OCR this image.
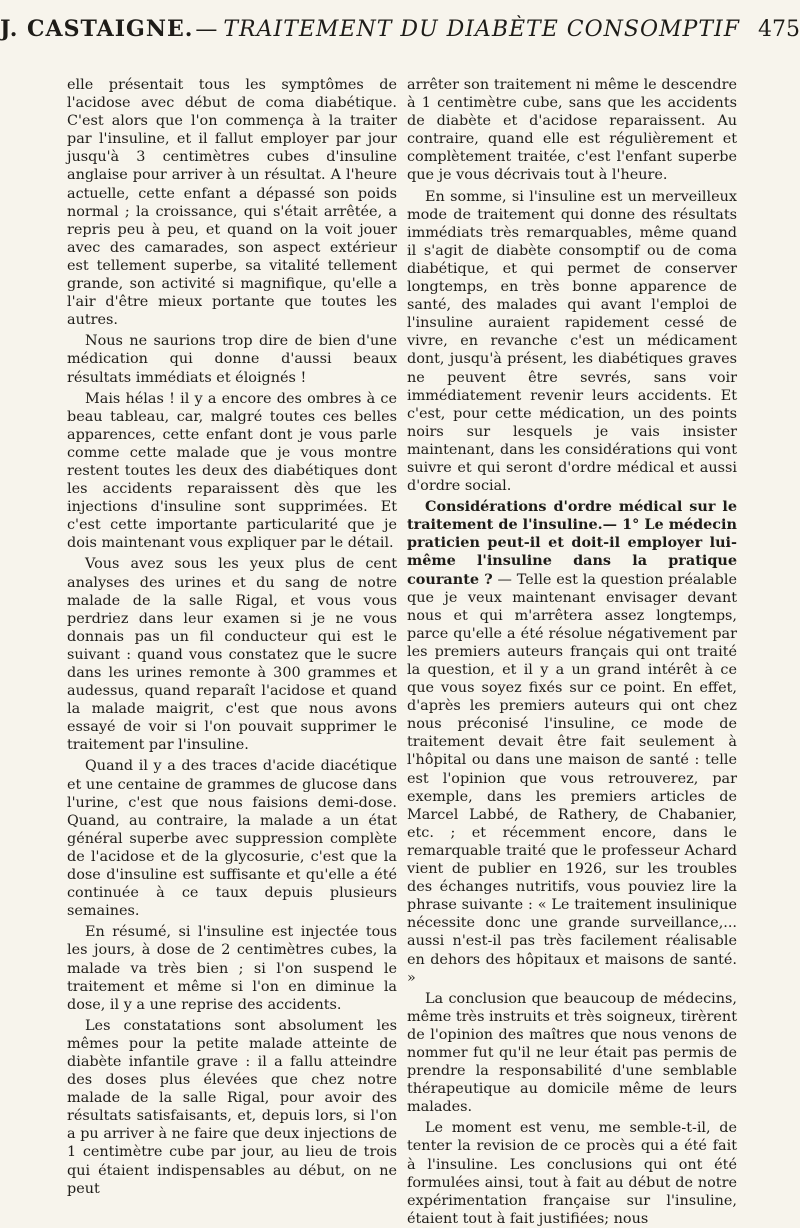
J. CASTAIGNE. — TRAITEMENT DU DIABÈTE CONSOMPTIF 475

elle présentait tous les symptômes de l'acidose avec début de coma diabétique. C'est alors que l'on commença à la traiter par l'insuline, et il fallut employer par jour jusqu'à 3 centimètres cubes d'insuline anglaise pour arriver à un résultat. A l'heure actuelle, cette enfant a dépassé son poids normal ; la croissance, qui s'était arrêtée, a repris peu à peu, et quand on la voit jouer avec des camarades, son aspect extérieur est tellement superbe, sa vitalité tellement grande, son activité si magnifique, qu'elle a l'air d'être mieux portante que toutes les autres.

Nous ne saurions trop dire de bien d'une médication qui donne d'aussi beaux résultats immédiats et éloignés !

Mais hélas ! il y a encore des ombres à ce beau tableau, car, malgré toutes ces belles apparences, cette enfant dont je vous parle comme cette malade que je vous montre restent toutes les deux des diabétiques dont les accidents reparaissent dès que les injections d'insuline sont supprimées. Et c'est cette importante particularité que je dois maintenant vous expliquer par le détail.

Vous avez sous les yeux plus de cent analyses des urines et du sang de notre malade de la salle Rigal, et vous vous perdriez dans leur examen si je ne vous donnais pas un fil conducteur qui est le suivant : quand vous constatez que le sucre dans les urines remonte à 300 grammes et audessus, quand reparaît l'acidose et quand la malade maigrit, c'est que nous avons essayé de voir si l'on pouvait supprimer le traitement par l'insuline.

Quand il y a des traces d'acide diacétique et une centaine de grammes de glucose dans l'urine, c'est que nous faisions demi-dose. Quand, au contraire, la malade a un état général superbe avec suppression complète de l'acidose et de la glycosurie, c'est que la dose d'insuline est suffisante et qu'elle a été continuée à ce taux depuis plusieurs semaines.

En résumé, si l'insuline est injectée tous les jours, à dose de 2 centimètres cubes, la malade va très bien ; si l'on suspend le traitement et même si l'on en diminue la dose, il y a une reprise des accidents.

Les constatations sont absolument les mêmes pour la petite malade atteinte de diabète infantile grave : il a fallu atteindre des doses plus élevées que chez notre malade de la salle Rigal, pour avoir des résultats satisfaisants, et, depuis lors, si l'on a pu arriver à ne faire que deux injections de 1 centimètre cube par jour, au lieu de trois qui étaient indispensables au début, on ne peut

arrêter son traitement ni même le descendre à 1 centimètre cube, sans que les accidents de diabète et d'acidose reparaissent. Au contraire, quand elle est régulièrement et complètement traitée, c'est l'enfant superbe que je vous décrivais tout à l'heure.

En somme, si l'insuline est un merveilleux mode de traitement qui donne des résultats immédiats très remarquables, même quand il s'agit de diabète consomptif ou de coma diabétique, et qui permet de conserver longtemps, en très bonne apparence de santé, des malades qui avant l'emploi de l'insuline auraient rapidement cessé de vivre, en revanche c'est un médicament dont, jusqu'à présent, les diabétiques graves ne peuvent être sevrés, sans voir immédiatement revenir leurs accidents. Et c'est, pour cette médication, un des points noirs sur lesquels je vais insister maintenant, dans les considérations qui vont suivre et qui seront d'ordre médical et aussi d'ordre social.

Considérations d'ordre médical sur le traitement de l'insuline.— 1° Le médecin praticien peut-il et doit-il employer lui-même l'insuline dans la pratique courante ? — Telle est la question préalable que je veux maintenant envisager devant nous et qui m'arrêtera assez longtemps, parce qu'elle a été résolue négativement par les premiers auteurs français qui ont traité la question, et il y a un grand intérêt à ce que vous soyez fixés sur ce point. En effet, d'après les premiers auteurs qui ont chez nous préconisé l'insuline, ce mode de traitement devait être fait seulement à l'hôpital ou dans une maison de santé : telle est l'opinion que vous retrouverez, par exemple, dans les premiers articles de Marcel Labbé, de Rathery, de Chabanier, etc. ; et récemment encore, dans le remarquable traité que le professeur Achard vient de publier en 1926, sur les troubles des échanges nutritifs, vous pouviez lire la phrase suivante : « Le traitement insulinique nécessite donc une grande surveillance,... aussi n'est-il pas très facilement réalisable en dehors des hôpitaux et maisons de santé. »

La conclusion que beaucoup de médecins, même très instruits et très soigneux, tirèrent de l'opinion des maîtres que nous venons de nommer fut qu'il ne leur était pas permis de prendre la responsabilité d'une semblable thérapeutique au domicile même de leurs malades.

Le moment est venu, me semble-t-il, de tenter la revision de ce procès qui a été fait à l'insuline. Les conclusions qui ont été formulées ainsi, tout à fait au début de notre expérimentation française sur l'insuline, étaient tout à fait justifiées; nous
